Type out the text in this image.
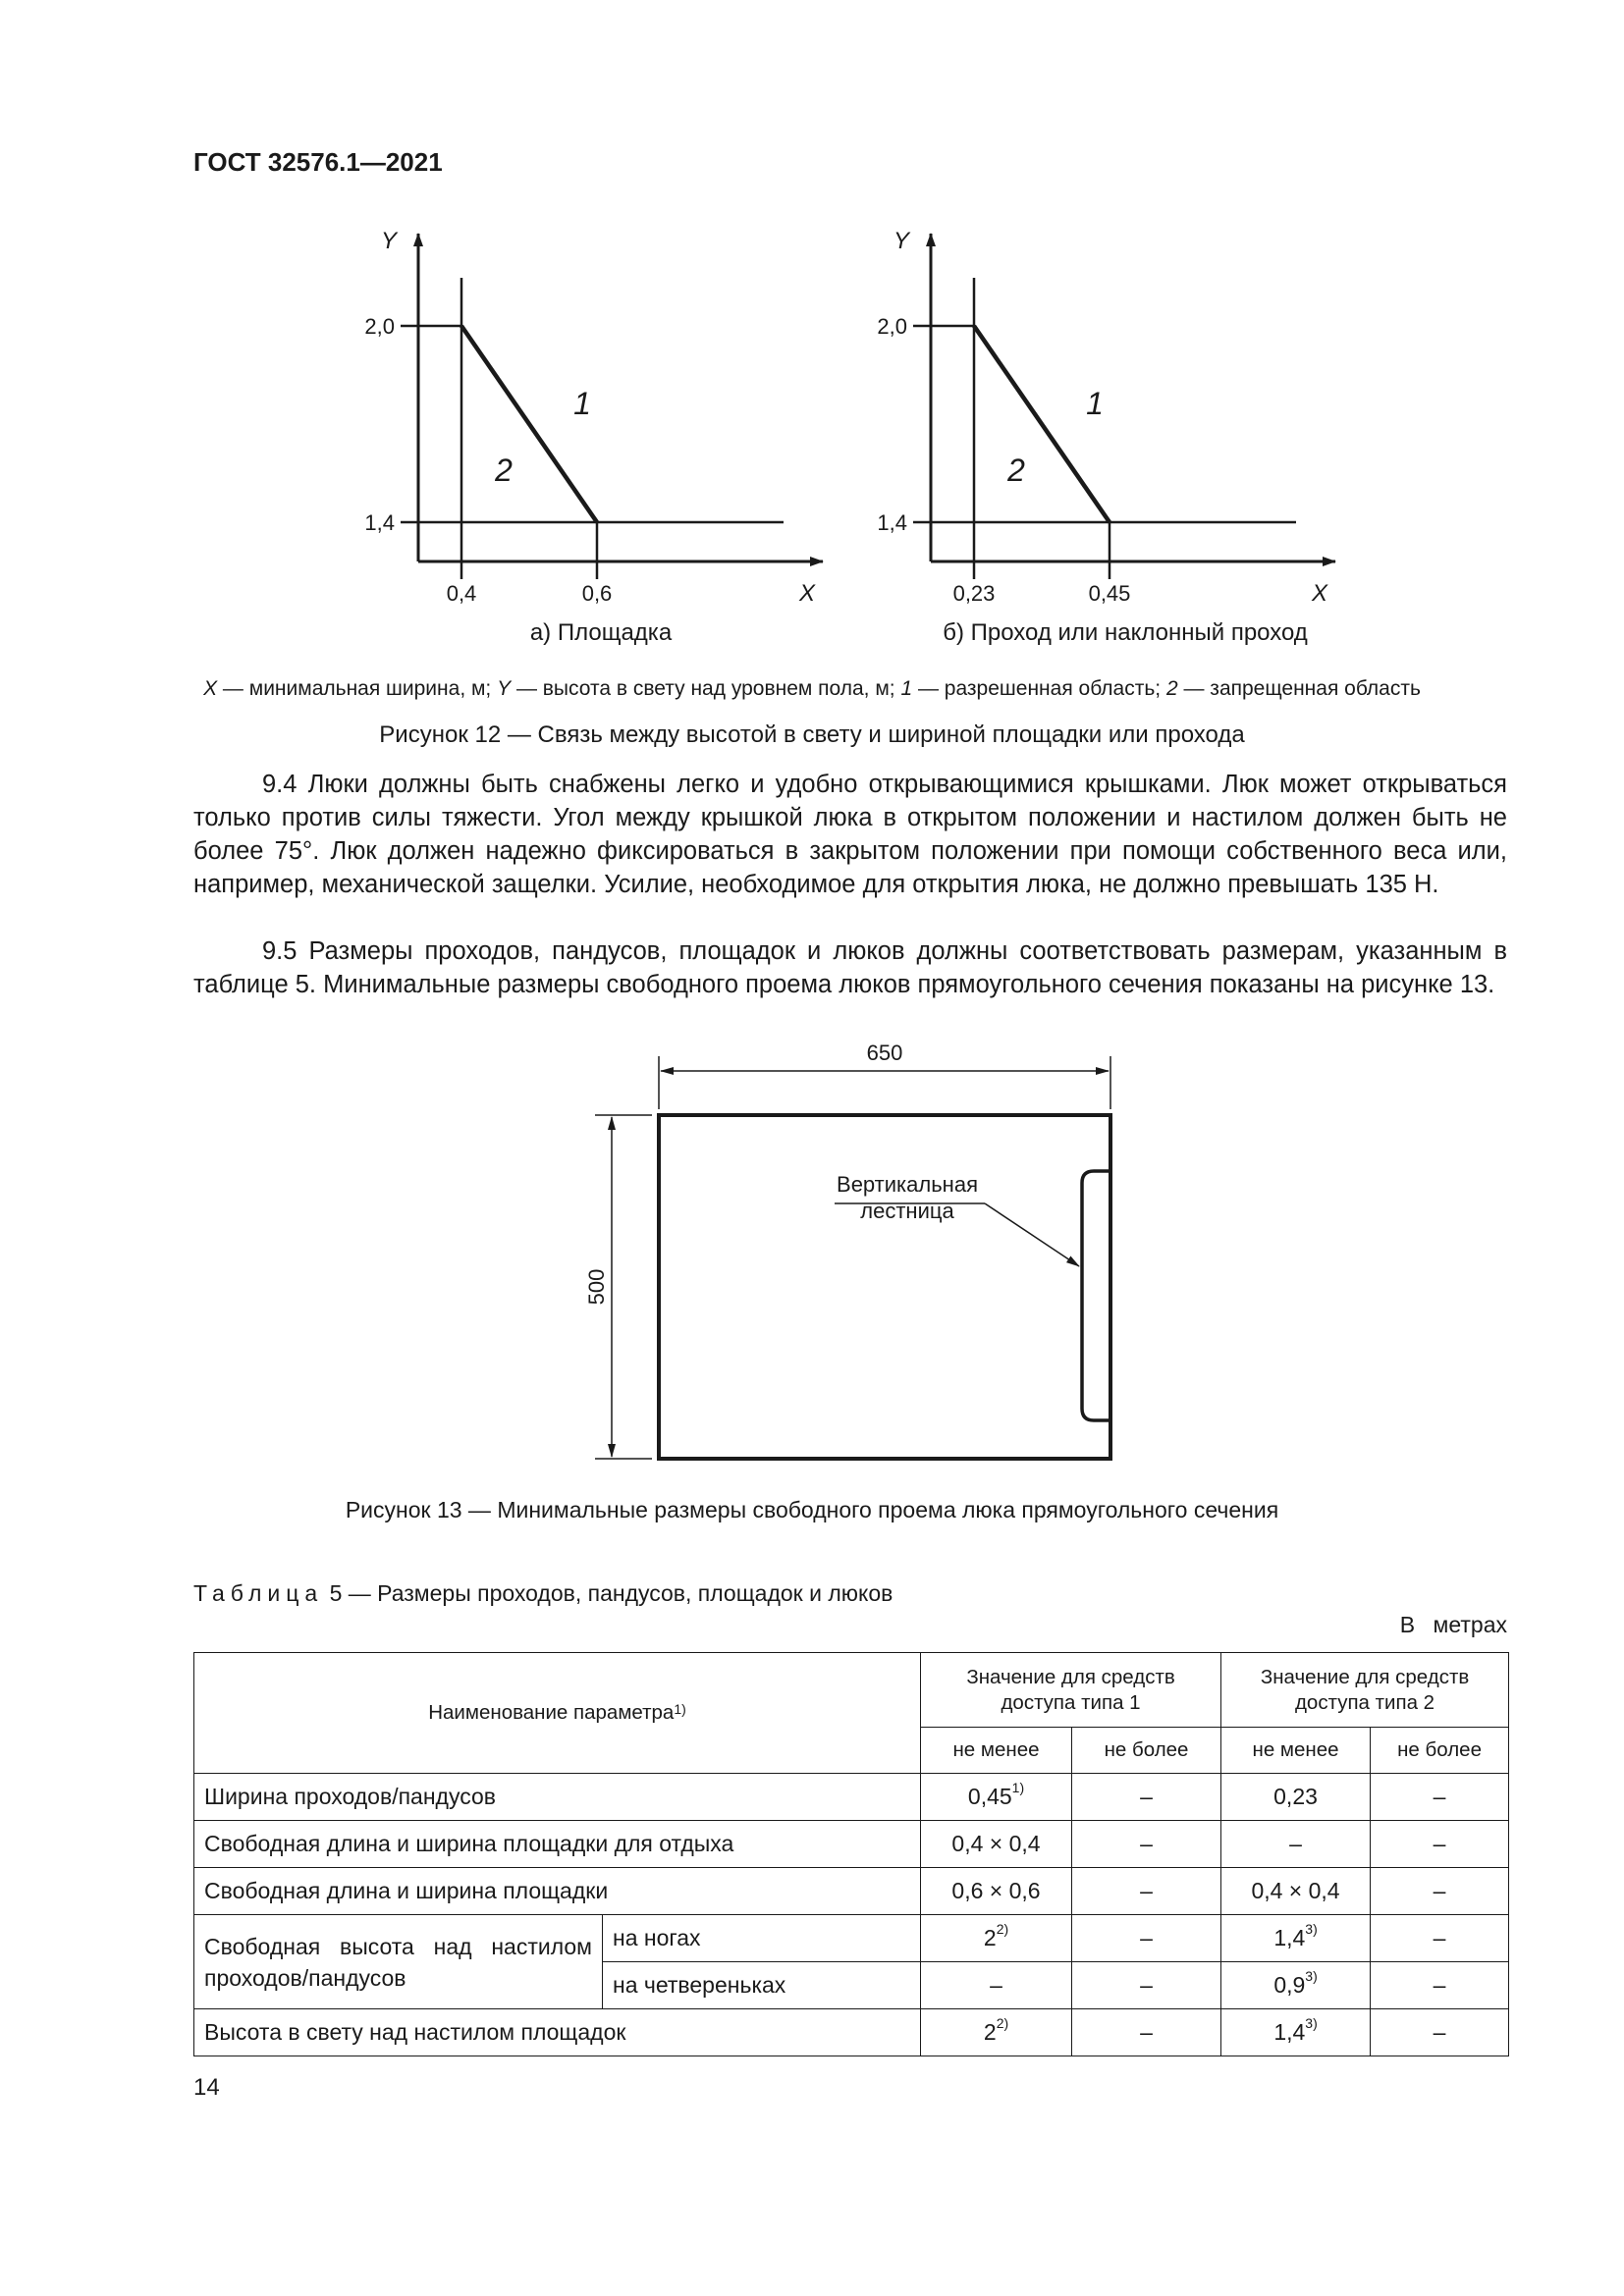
ГОСТ 32576.1—2021
Y
X
2,0
1,4
0,4	0,6
1
2
а) Площадка
Y
X
2,0
1,4
0,23	0,45
1
2
б) Проход или наклонный проход
X — минимальная ширина, м; Y — высота в свету над уровнем пола, м; 1 — разрешенная область; 2 — запрещенная область
Рисунок 12 — Связь между высотой в свету и шириной площадки или прохода

9.4 Люки должны быть снабжены легко и удобно открывающимися крышками. Люк может открываться только против силы тяжести. Угол между крышкой люка в открытом положении и настилом должен быть не более 75°. Люк должен надежно фиксироваться в закрытом положении при помощи собственного веса или, например, механической защелки. Усилие, необходимое для открытия люка, не должно превышать 135 Н.

9.5 Размеры проходов, пандусов, площадок и люков должны соответствовать размерам, указанным в таблице 5. Минимальные размеры свободного проема люков прямоугольного сечения показаны на рисунке 13.

650
500
Вертикальная
лестница
Рисунок 13 — Минимальные размеры свободного проема люка прямоугольного сечения
Таблица 5 — Размеры проходов, пандусов, площадок и люков
В метрах
Наименование параметра$^{1)}$		Значение для средств доступа типа 1		Значение для средств доступа типа 2	
		не менее	не более	не менее	не более
Ширина проходов/пандусов		0,45$^{1)}$	–	0,23	–
Свободная длина и ширина площадки для отдыха		0,4 × 0,4	–	–	–
Свободная длина и ширина площадки		0,6 × 0,6	–	0,4 × 0,4	–
Свободная высота над настилом проходов/пандусов	на ногах	2$^{2)}$	–	1,4$^{3)}$	–
	на четвереньках	–	–	0,9$^{3)}$	–
Высота в свету над настилом площадок		2$^{2)}$	–	1,4$^{3)}$	–
14
